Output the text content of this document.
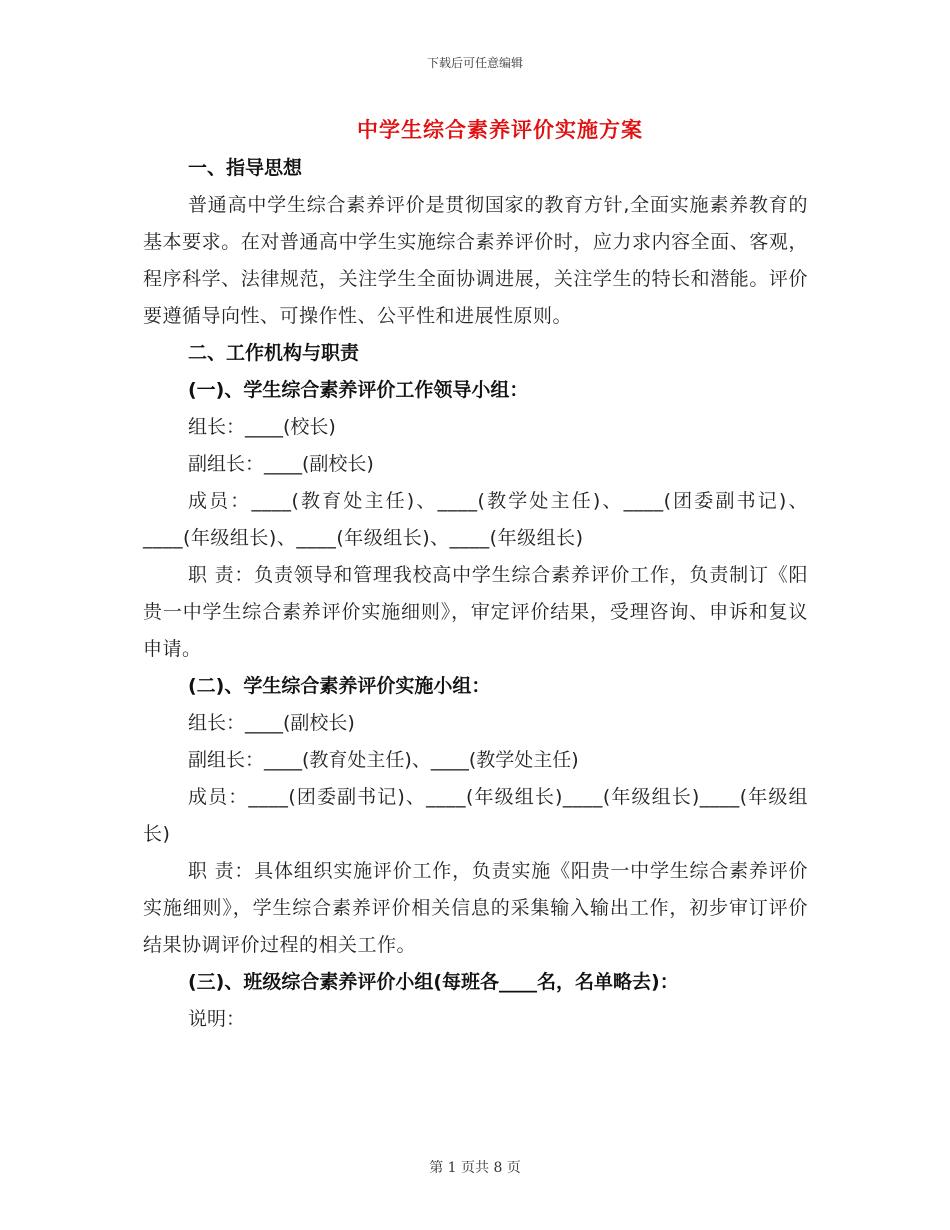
下载后可任意编辑
中学生综合素养评价实施方案
一、指导思想
普通高中学生综合素养评价是贯彻国家的教育方针,全面实施素养教育的基本要求。在对普通高中学生实施综合素养评价时，应力求内容全面、客观，程序科学、法律规范，关注学生全面协调进展，关注学生的特长和潜能。评价要遵循导向性、可操作性、公平性和进展性原则。
二、工作机构与职责
(一)、学生综合素养评价工作领导小组：
组长：____(校长)
副组长：____(副校长)
成员：____(教育处主任)、____(教学处主任)、____(团委副书记)、____(年级组长)、____(年级组长)、____(年级组长)
职 责：负责领导和管理我校高中学生综合素养评价工作，负责制订《阳贵一中学生综合素养评价实施细则》，审定评价结果，受理咨询、申诉和复议申请。
(二)、学生综合素养评价实施小组：
组长：____(副校长)
副组长：____(教育处主任)、____(教学处主任)
成员：____(团委副书记)、____(年级组长)____(年级组长)____(年级组长)
职 责：具体组织实施评价工作，负责实施《阳贵一中学生综合素养评价实施细则》，学生综合素养评价相关信息的采集输入输出工作，初步审订评价结果协调评价过程的相关工作。
(三)、班级综合素养评价小组(每班各____名，名单略去)：
说明：
第 1 页共 8 页
